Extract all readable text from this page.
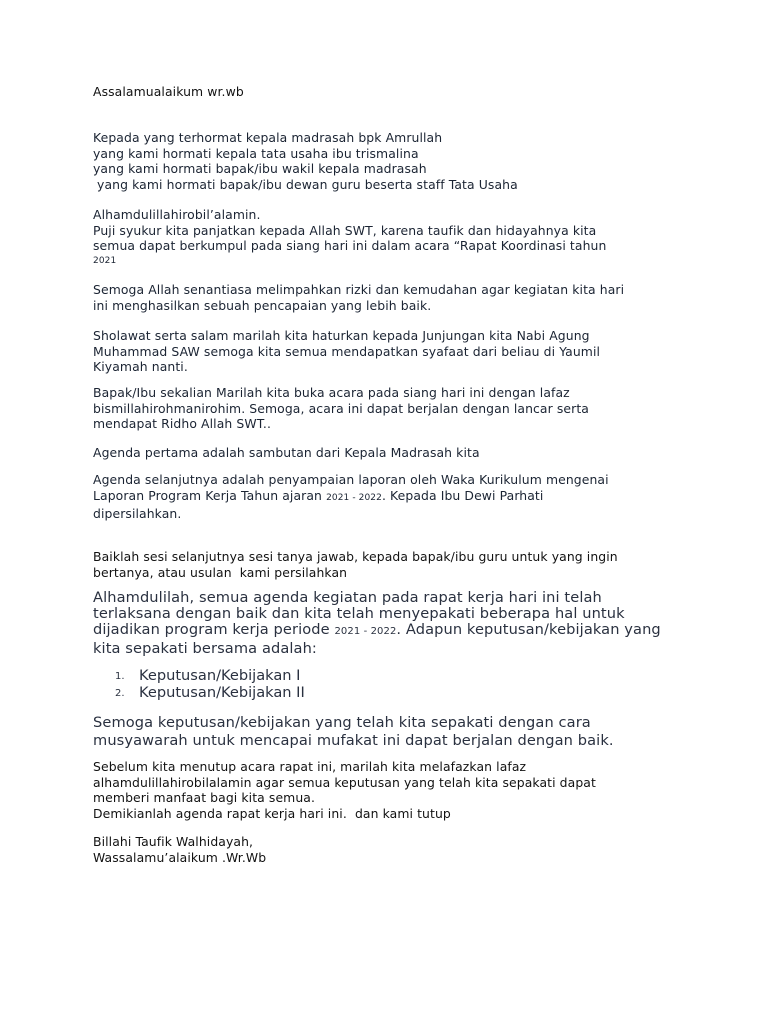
Assalamualaikum wr.wb

Kepada yang terhormat kepala madrasah bpk Amrullah
yang kami hormati kepala tata usaha ibu trismalina
yang kami hormati bapak/ibu wakil kepala madrasah
yang kami hormati bapak/ibu dewan guru beserta staff Tata Usaha

Alhamdulillahirobil’alamin.
Puji syukur kita panjatkan kepada Allah SWT, karena taufik dan hidayahnya kita
semua dapat berkumpul pada siang hari ini dalam acara “Rapat Koordinasi tahun
2021

Semoga Allah senantiasa melimpahkan rizki dan kemudahan agar kegiatan kita hari
ini menghasilkan sebuah pencapaian yang lebih baik.

Sholawat serta salam marilah kita haturkan kepada Junjungan kita Nabi Agung
Muhammad SAW semoga kita semua mendapatkan syafaat dari beliau di Yaumil
Kiyamah nanti.

Bapak/Ibu sekalian Marilah kita buka acara pada siang hari ini dengan lafaz
bismillahirohmanirohim. Semoga, acara ini dapat berjalan dengan lancar serta
mendapat Ridho Allah SWT..

Agenda pertama adalah sambutan dari Kepala Madrasah kita

Agenda selanjutnya adalah penyampaian laporan oleh Waka Kurikulum mengenai
Laporan Program Kerja Tahun ajaran 2021 - 2022. Kepada Ibu Dewi Parhati
dipersilahkan.

Baiklah sesi selanjutnya sesi tanya jawab, kepada bapak/ibu guru untuk yang ingin
bertanya, atau usulan  kami persilahkan

Alhamdulilah, semua agenda kegiatan pada rapat kerja hari ini telah
terlaksana dengan baik dan kita telah menyepakati beberapa hal untuk
dijadikan program kerja periode 2021 - 2022. Adapun keputusan/kebijakan yang
kita sepakati bersama adalah:

1. Keputusan/Kebijakan I
2. Keputusan/Kebijakan II

Semoga keputusan/kebijakan yang telah kita sepakati dengan cara
musyawarah untuk mencapai mufakat ini dapat berjalan dengan baik.

Sebelum kita menutup acara rapat ini, marilah kita melafazkan lafaz
alhamdulillahirobilalamin agar semua keputusan yang telah kita sepakati dapat
memberi manfaat bagi kita semua.
Demikianlah agenda rapat kerja hari ini.  dan kami tutup

Billahi Taufik Walhidayah,
Wassalamu’alaikum .Wr.Wb
